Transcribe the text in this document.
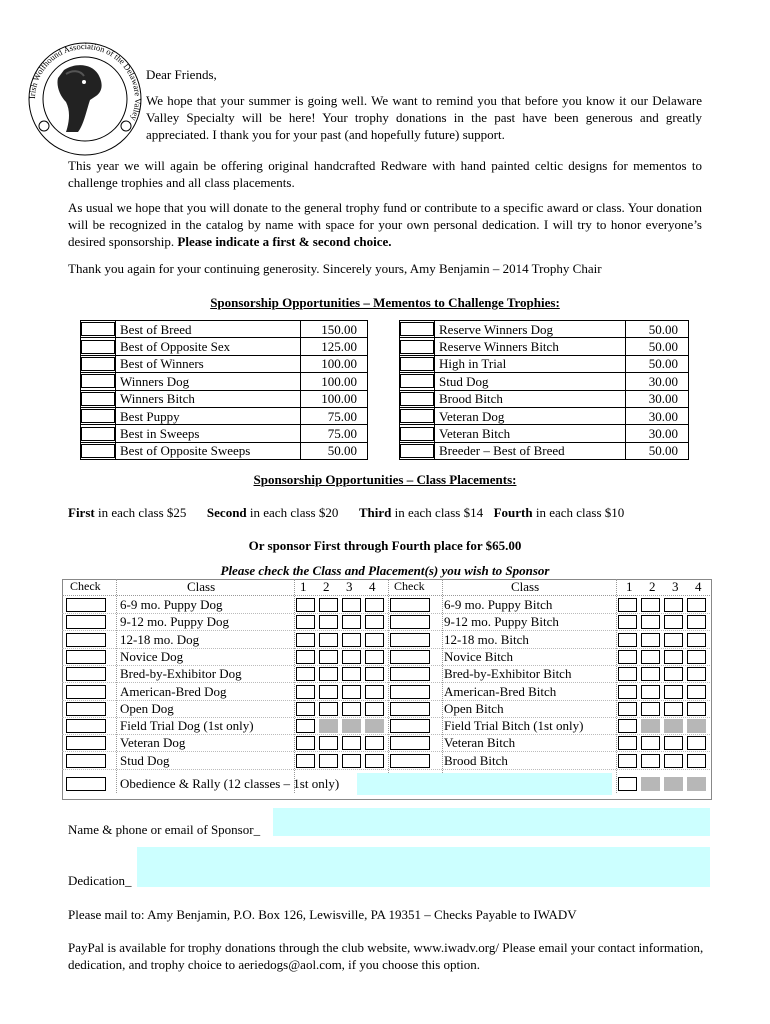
Irish Wolfhound Association of the Delaware Valley

Dear Friends,

We hope that your summer is going well. We want to remind you that before you know it our Delaware Valley Specialty will be here! Your trophy donations in the past have been generous and greatly appreciated. I thank you for your past (and hopefully future) support.

This year we will again be offering original handcrafted Redware with hand painted celtic designs for mementos to challenge trophies and all class placements.

As usual we hope that you will donate to the general trophy fund or contribute to a specific award or class. Your donation will be recognized in the catalog by name with space for your own personal dedication. I will try to honor everyone’s desired sponsorship. Please indicate a first & second choice.

Thank you again for your continuing generosity. Sincerely yours, Amy Benjamin – 2014 Trophy Chair

Sponsorship Opportunities – Mementos to Challenge Trophies:
	Best of Breed	150.00

	Best of Opposite Sex	125.00

	Best of Winners	100.00

	Winners Dog	100.00

	Winners Bitch	100.00

	Best Puppy	75.00

	Best in Sweeps	75.00

	Best of Opposite Sweeps	50.00
	Reserve Winners Dog	50.00

	Reserve Winners Bitch	50.00

	High in Trial	50.00

	Stud Dog	30.00

	Brood Bitch	30.00

	Veteran Dog	30.00

	Veteran Bitch	30.00

	Breeder – Best of Breed	50.00
Sponsorship Opportunities – Class Placements:
First in each class $25 Second in each class $20 Third in each class $14 Fourth in each class $10
Or sponsor First through Fourth place for $65.00
Please check the Class and Placement(s) you wish to Sponsor
Check	Class	1 2 3 4 Check	Class	1 2 3 4
6-9 mo. Puppy Dog	6-9 mo. Puppy Bitch
9-12 mo. Puppy Dog	9-12 mo. Puppy Bitch
12-18 mo. Dog	12-18 mo. Bitch
Novice Dog	Novice Bitch
Bred-by-Exhibitor Dog	Bred-by-Exhibitor Bitch
American-Bred Dog	American-Bred Bitch
Open Dog	Open Bitch
Field Trial Dog (1st only)	Field Trial Bitch (1st only)
Veteran Dog	Veteran Bitch
Stud Dog	Brood Bitch
Obedience & Rally (12 classes – 1st only)
Name & phone or email of Sponsor_
Dedication_

Please mail to: Amy Benjamin, P.O. Box 126, Lewisville, PA 19351 – Checks Payable to IWADV

PayPal is available for trophy donations through the club website, www.iwadv.org/ Please email your contact information, dedication, and trophy choice to aeriedogs@aol.com, if you choose this option.
